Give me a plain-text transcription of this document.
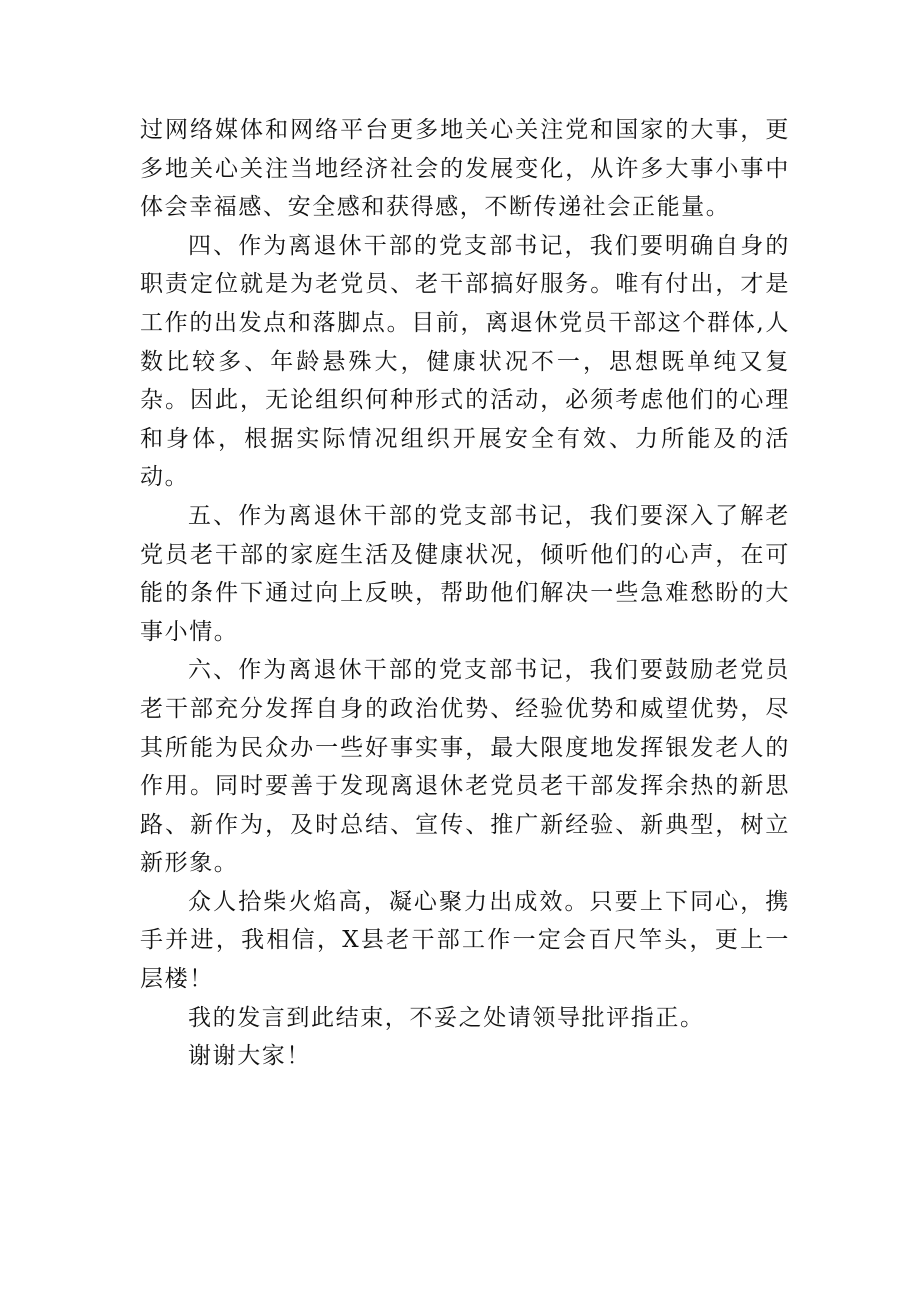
过网络媒体和网络平台更多地关心关注党和国家的大事，更多地关心关注当地经济社会的发展变化，从许多大事小事中体会幸福感、安全感和获得感，不断传递社会正能量。

四、作为离退休干部的党支部书记，我们要明确自身的职责定位就是为老党员、老干部搞好服务。唯有付出，才是工作的出发点和落脚点。目前，离退休党员干部这个群体,人数比较多、年龄悬殊大，健康状况不一，思想既单纯又复杂。因此，无论组织何种形式的活动，必须考虑他们的心理和身体，根据实际情况组织开展安全有效、力所能及的活动。

五、作为离退休干部的党支部书记，我们要深入了解老党员老干部的家庭生活及健康状况，倾听他们的心声，在可能的条件下通过向上反映，帮助他们解决一些急难愁盼的大事小情。

六、作为离退休干部的党支部书记，我们要鼓励老党员老干部充分发挥自身的政治优势、经验优势和威望优势，尽其所能为民众办一些好事实事，最大限度地发挥银发老人的作用。同时要善于发现离退休老党员老干部发挥余热的新思路、新作为，及时总结、宣传、推广新经验、新典型，树立新形象。

众人拾柴火焰高，凝心聚力出成效。只要上下同心，携手并进，我相信，X县老干部工作一定会百尺竿头，更上一层楼！

我的发言到此结束，不妥之处请领导批评指正。

谢谢大家！
